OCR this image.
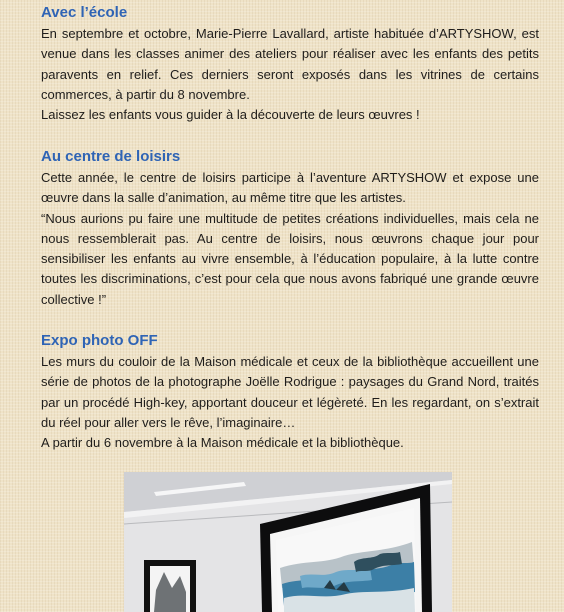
Avec l’école

En septembre et octobre, Marie-Pierre Lavallard, artiste habituée d’ARTYSHOW, est venue dans les classes animer des ateliers pour réaliser avec les enfants des petits paravents en relief. Ces derniers seront exposés dans les vitrines de certains commerces, à partir du 8 novembre.

Laissez les enfants vous guider à la découverte de leurs œuvres !

Au centre de loisirs

Cette année, le centre de loisirs participe à l’aventure ARTYSHOW et expose une œuvre dans la salle d’animation, au même titre que les artistes.

“Nous aurions pu faire une multitude de petites créations individuelles, mais cela ne nous ressemblerait pas. Au centre de loisirs, nous œuvrons chaque jour pour sensibiliser les enfants au vivre ensemble, à l’éducation populaire, à la lutte contre toutes les discriminations, c’est pour cela que nous avons fabriqué une grande œuvre collective !”

Expo photo OFF

Les murs du couloir de la Maison médicale et ceux de la bibliothèque accueillent une série de photos de la photographe Joëlle Rodrigue : paysages du Grand Nord, traités par un procédé High-key, apportant douceur et légèreté. En les regardant, on s’extrait du réel pour aller vers le rêve, l’imaginaire…

A partir du 6 novembre à la Maison médicale et la bibliothèque.
